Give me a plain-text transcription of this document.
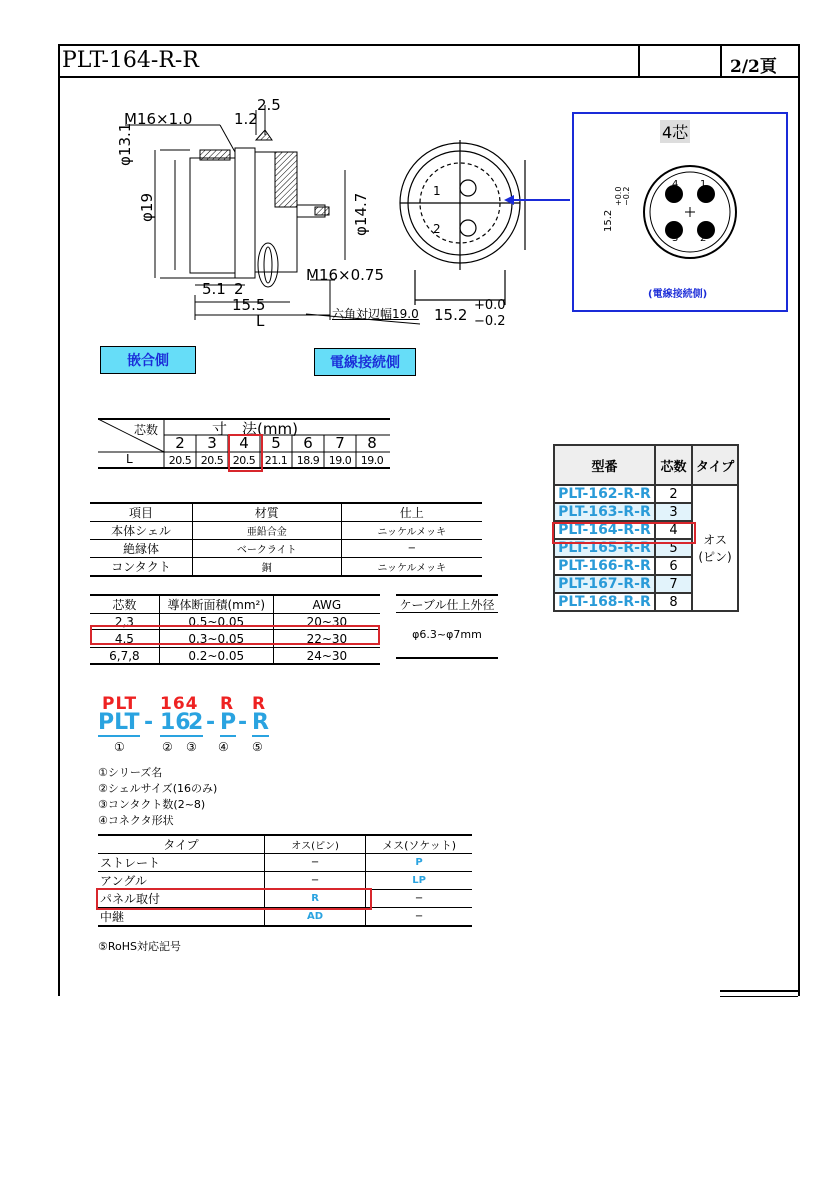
PLT-164-R-R	2/2頁
M16×1.0	1.2
2.5
φ13.1
φ19	φ14.7
M16×0.75
5.1 2
15.5
L	六角対辺幅19.0 15.2
+0.0
−0.2
1
2
4芯
15.2
+0.0 −0.2
4 1
3 2
(電線接続側)
嵌合側	電線接続側
芯数	寸　法(mm)
2	3	4	5	6	7	8
L	20.5 20.5 20.5 21.1 18.9 19.0 19.0
項目	材質	仕上
本体シェル	亜鉛合金	ニッケルメッキ
絶縁体	ベークライト	−
コンタクト	銅	ニッケルメッキ
芯数	導体断面積(mm²)	AWG
2,3	0.5~0.05	20~30
4,5	0.3~0.05	22~30
6,7,8	0.2~0.05	24~30
ケーブル仕上外径
φ6.3~φ7mm
型番	芯数	タイプ
PLT-162-R-R	2	オス
(ピン)
PLT-163-R-R	3	
PLT-164-R-R	4	
PLT-165-R-R	5	
PLT-166-R-R	6	
PLT-167-R-R	7	
PLT-168-R-R	8	
PLT 164 R R
PLT - 16
2 - P - R
①	② ③ ④ ⑤
①シリーズ名
②シェルサイズ(16のみ)
③コンタクト数(2~8)
④コネクタ形状
タイプ	オス(ピン)	メス(ソケット)
ストレート	−	P
アングル	−	LP
パネル取付	R	−
中継	AD	−
⑤RoHS対応記号
